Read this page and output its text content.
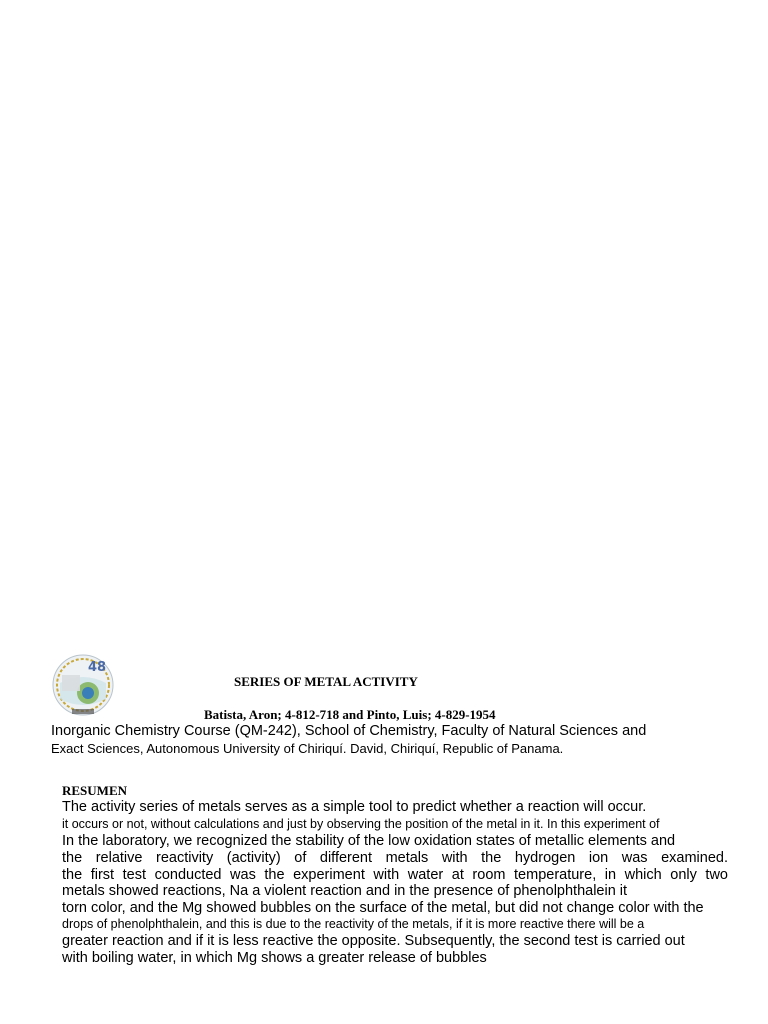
48
SERIES OF METAL ACTIVITY
Batista, Aron; 4-812-718 and Pinto, Luis; 4-829-1954
Inorganic Chemistry Course (QM-242), School of Chemistry, Faculty of Natural Sciences and
Exact Sciences, Autonomous University of Chiriquí. David, Chiriquí, Republic of Panama.
RESUMEN
The activity series of metals serves as a simple tool to predict whether a reaction will occur.
it occurs or not, without calculations and just by observing the position of the metal in it. In this experiment of
In the laboratory, we recognized the stability of the low oxidation states of metallic elements and
the relative reactivity (activity) of different metals with the hydrogen ion was examined.
the first test conducted was the experiment with water at room temperature, in which only two
metals showed reactions, Na a violent reaction and in the presence of phenolphthalein it
torn color, and the Mg showed bubbles on the surface of the metal, but did not change color with the
drops of phenolphthalein, and this is due to the reactivity of the metals, if it is more reactive there will be a
greater reaction and if it is less reactive the opposite. Subsequently, the second test is carried out
with boiling water, in which Mg shows a greater release of bubbles
